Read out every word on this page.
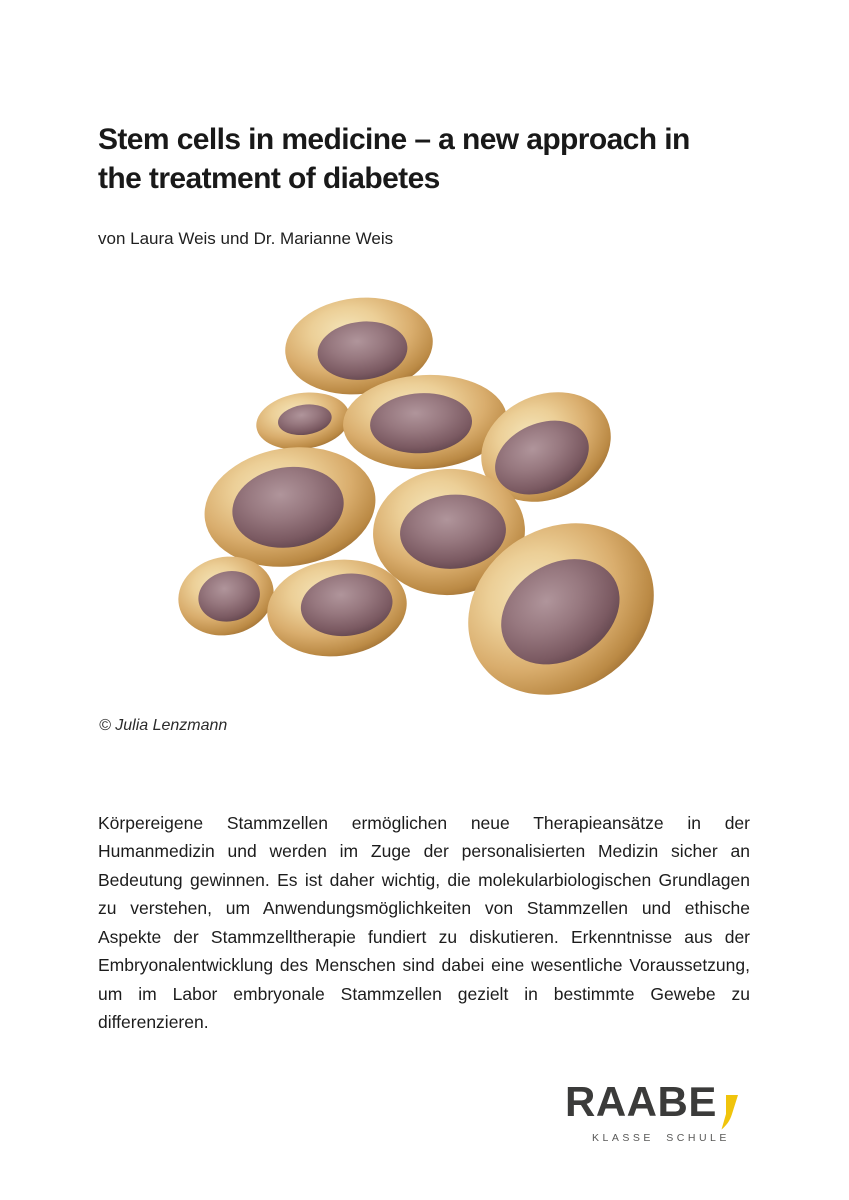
Stem cells in medicine – a new approach in
the treatment of diabetes
von Laura Weis und Dr. Marianne Weis
© Julia Lenzmann

Körpereigene Stammzellen ermöglichen neue Therapieansätze in der Humanmedizin und werden im Zuge der personalisierten Medizin sicher an Bedeutung gewinnen. Es ist daher wichtig, die molekularbiologischen Grundlagen zu verstehen, um Anwendungsmöglichkeiten von Stammzellen und ethische Aspekte der Stammzelltherapie fundiert zu diskutieren. Erkenntnisse aus der Embryonalentwicklung des Menschen sind dabei eine wesentliche Voraussetzung, um im Labor embryonale Stammzellen gezielt in bestimmte Gewebe zu differenzieren.

RAABE
KLASSE SCHULE
